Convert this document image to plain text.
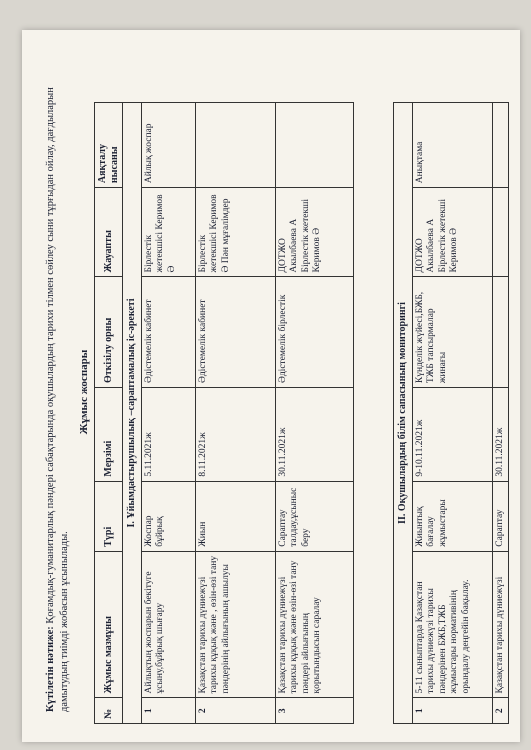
Күтілетін нәтиже: Қоғамдық-гуманитарлық пәндері сабақтарында оқушылардың тарихи тілмен сөйлеу сыни тұрғыдан ойлау, дағдыларын дамытудың тиімді жобасын ұсынылады.
Жұмыс жоспары
№	Жұмыс мазмұны	Түрі	Мерзімі	Өткізілу орны	Жауапты	Аяқталу нысаны
I. Ұйымдастырушылық –сараптамалық іс-әрекеті						
1	Айлықтың жоспарын бекітуге ұсыну,бұйрық шығару	Жоспар бұйрық	5.11.2021ж	Әдістемелік кабинет	Бірлестік жетекшісі Керимов Ә	Айлық жоспар
2	Қазақстан тарихы дүниежүзі тарихы құқық және , өзін-өзі тану пәндерінің айлығының ашылуы	Жиын	8.11.2021ж	Әдістемелік кабинет	Бірлестік жетекшісі Керимов Ә Пән мұғалімдер	
3	Қазақстан тарихы дүниежүзі тарихы құқық және өзін-өзі тану пәндері айлығының қорытындысын саралау	Сараптау талдау,ұсыныс беру	30.11.2021ж	Әдістемелік бірлестік	ДОТЖО Акылбаева А Бірлестік жетекші Керимов Ә	
II. Оқушылардың білім сапасының мониторингі						
1	5-11 сыныптарда Қазақстан тарихы дүниежүзі тарихы пәндерінен БЖБ,ТЖБ жұмыстары нормативінің орындалу деңгейін бақылау.	Жиынтық бағалау жұмыстары	9-10.11.2021ж	Күнделік жүйесі,БЖБ, ТЖБ тапсырмалар жинағы	ДОТЖО Акылбаева А Бірлестік жетекші Керимов Ә	Анықтама
2	Қазақстан тарихы дүниежүзі	Сараптау	30.11.2021ж			
